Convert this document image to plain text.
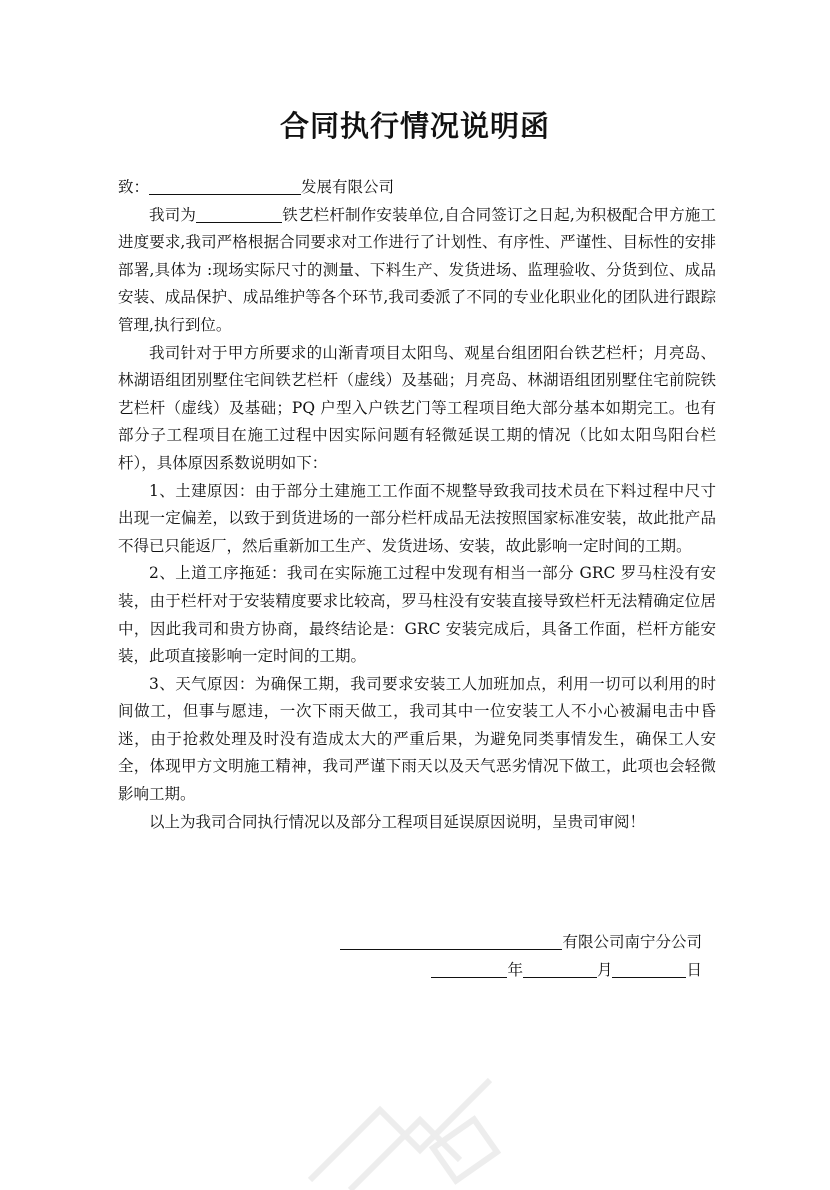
合同执行情况说明函

致：	发展有限公司

我司为	铁艺栏杆制作安装单位,自合同签订之日起,为积极配合甲方施工进度要求,我司严格根据合同要求对工作进行了计划性、有序性、严谨性、目标性的安排部署,具体为 :现场实际尺寸的测量、下料生产、发货进场、监理验收、分货到位、成品安装、成品保护、成品维护等各个环节,我司委派了不同的专业化职业化的团队进行跟踪管理,执行到位。

我司针对于甲方所要求的山渐青项目太阳鸟、观星台组团阳台铁艺栏杆；月亮岛、林湖语组团别墅住宅间铁艺栏杆（虚线）及基础；月亮岛、林湖语组团别墅住宅前院铁艺栏杆（虚线）及基础；PQ 户型入户铁艺门等工程项目绝大部分基本如期完工。也有部分子工程项目在施工过程中因实际问题有轻微延误工期的情况（比如太阳鸟阳台栏杆），具体原因系数说明如下：

1、土建原因：由于部分土建施工工作面不规整导致我司技术员在下料过程中尺寸出现一定偏差，以致于到货进场的一部分栏杆成品无法按照国家标准安装，故此批产品不得已只能返厂，然后重新加工生产、发货进场、安装，故此影响一定时间的工期。

2、上道工序拖延：我司在实际施工过程中发现有相当一部分 GRC 罗马柱没有安装，由于栏杆对于安装精度要求比较高，罗马柱没有安装直接导致栏杆无法精确定位居中，因此我司和贵方协商，最终结论是：GRC 安装完成后，具备工作面，栏杆方能安装，此项直接影响一定时间的工期。

3、天气原因：为确保工期，我司要求安装工人加班加点，利用一切可以利用的时间做工，但事与愿违，一次下雨天做工，我司其中一位安装工人不小心被漏电击中昏迷，由于抢救处理及时没有造成太大的严重后果，为避免同类事情发生，确保工人安全，体现甲方文明施工精神，我司严谨下雨天以及天气恶劣情况下做工，此项也会轻微影响工期。

以上为我司合同执行情况以及部分工程项目延误原因说明，呈贵司审阅！

有限公司南宁分公司
年	月	日
